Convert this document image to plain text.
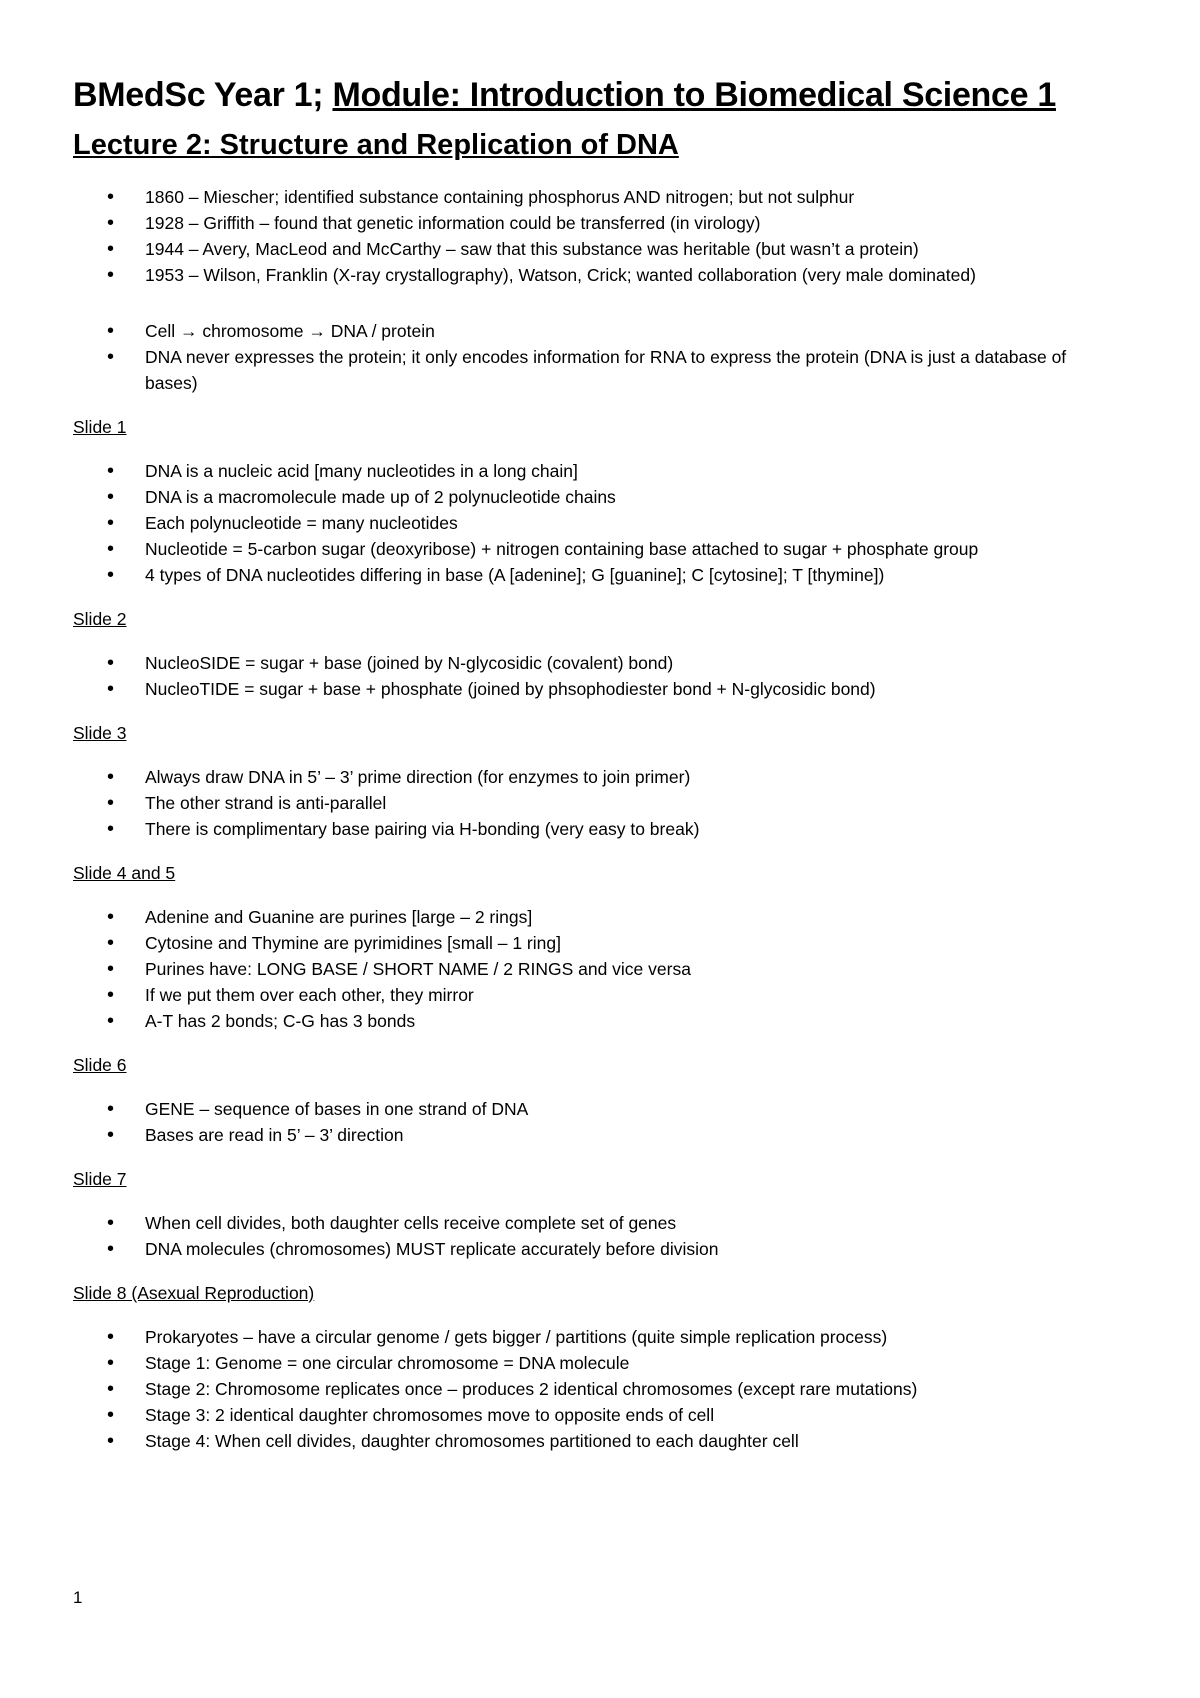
BMedSc Year 1; Module: Introduction to Biomedical Science 1
Lecture 2: Structure and Replication of DNA
• 1860 – Miescher; identified substance containing phosphorus AND nitrogen; but not sulphur
• 1928 – Griffith – found that genetic information could be transferred (in virology)
• 1944 – Avery, MacLeod and McCarthy – saw that this substance was heritable (but wasn’t a protein)
• 1953 – Wilson, Franklin (X-ray crystallography), Watson, Crick; wanted collaboration (very male dominated)
• Cell → chromosome → DNA / protein
• DNA never expresses the protein; it only encodes information for RNA to express the protein (DNA is just a database of bases)
Slide 1
• DNA is a nucleic acid [many nucleotides in a long chain]
• DNA is a macromolecule made up of 2 polynucleotide chains
• Each polynucleotide = many nucleotides
• Nucleotide = 5-carbon sugar (deoxyribose) + nitrogen containing base attached to sugar + phosphate group
• 4 types of DNA nucleotides differing in base (A [adenine]; G [guanine]; C [cytosine]; T [thymine])
Slide 2
• NucleoSIDE = sugar + base (joined by N-glycosidic (covalent) bond)
• NucleoTIDE = sugar + base + phosphate (joined by phsophodiester bond + N-glycosidic bond)
Slide 3
• Always draw DNA in 5’ – 3’ prime direction (for enzymes to join primer)
• The other strand is anti-parallel
• There is complimentary base pairing via H-bonding (very easy to break)
Slide 4 and 5
• Adenine and Guanine are purines [large – 2 rings]
• Cytosine and Thymine are pyrimidines [small – 1 ring]
• Purines have: LONG BASE / SHORT NAME / 2 RINGS and vice versa
• If we put them over each other, they mirror
• A-T has 2 bonds; C-G has 3 bonds
Slide 6
• GENE – sequence of bases in one strand of DNA
• Bases are read in 5’ – 3’ direction
Slide 7
• When cell divides, both daughter cells receive complete set of genes
• DNA molecules (chromosomes) MUST replicate accurately before division
Slide 8 (Asexual Reproduction)
• Prokaryotes – have a circular genome / gets bigger / partitions (quite simple replication process)
• Stage 1: Genome = one circular chromosome = DNA molecule
• Stage 2: Chromosome replicates once – produces 2 identical chromosomes (except rare mutations)
• Stage 3: 2 identical daughter chromosomes move to opposite ends of cell
• Stage 4: When cell divides, daughter chromosomes partitioned to each daughter cell
1
